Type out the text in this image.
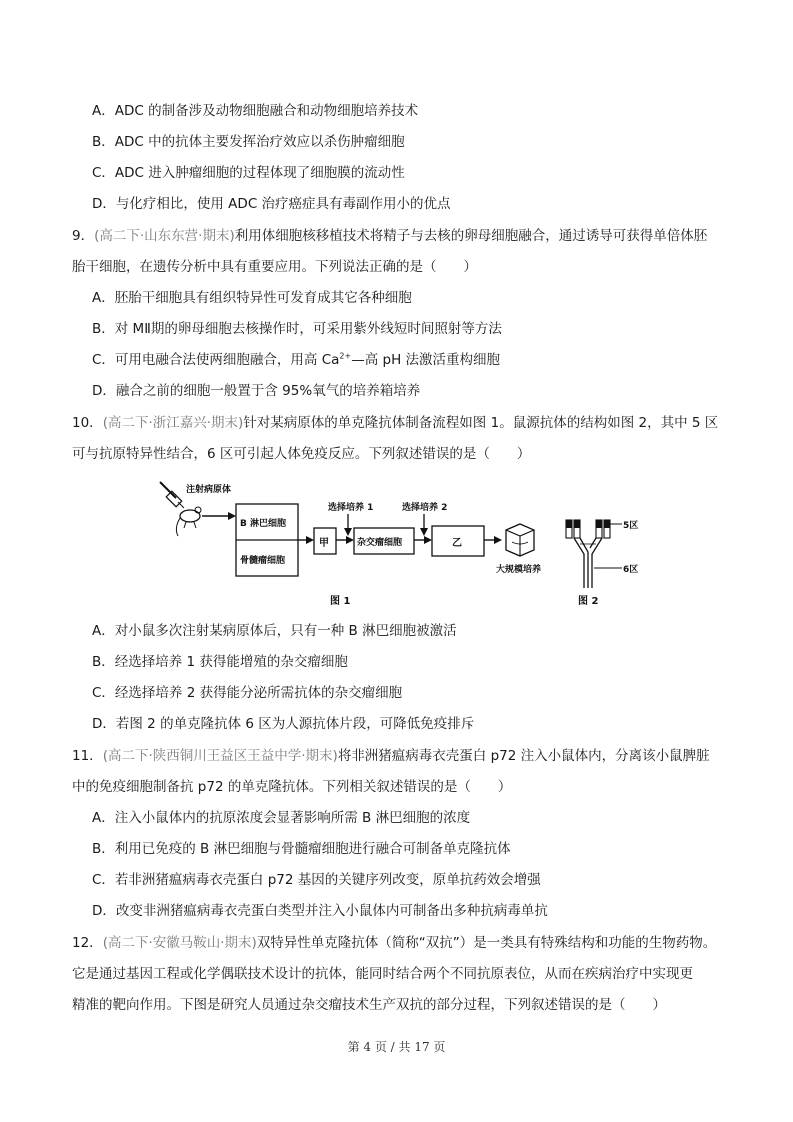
A．ADC 的制备涉及动物细胞融合和动物细胞培养技术
B．ADC 中的抗体主要发挥治疗效应以杀伤肿瘤细胞
C．ADC 进入肿瘤细胞的过程体现了细胞膜的流动性
D．与化疗相比，使用 ADC 治疗癌症具有毒副作用小的优点
9．(高二下·山东东营·期末)利用体细胞核移植技术将精子与去核的卵母细胞融合，通过诱导可获得单倍体胚
胎干细胞，在遗传分析中具有重要应用。下列说法正确的是（　　）
A．胚胎干细胞具有组织特异性可发育成其它各种细胞
B．对 MⅡ期的卵母细胞去核操作时，可采用紫外线短时间照射等方法
C．可用电融合法使两细胞融合，用高 $Ca^{2+}—$高 pH 法激活重构细胞
D．融合之前的细胞一般置于含 95%氧气的培养箱培养
10．(高二下·浙江嘉兴·期末)针对某病原体的单克隆抗体制备流程如图 1。鼠源抗体的结构如图 2，其中 5 区
可与抗原特异性结合，6 区可引起人体免疫反应。下列叙述错误的是（　　）
注射病原体
B 淋巴细胞
骨髓瘤细胞
甲
选择培养 1
杂交瘤细胞
选择培养 2
乙
大规模培养
图 1	图 2
5区
6区
A．对小鼠多次注射某病原体后，只有一种 B 淋巴细胞被激活
B．经选择培养 1 获得能增殖的杂交瘤细胞
C．经选择培养 2 获得能分泌所需抗体的杂交瘤细胞
D．若图 2 的单克隆抗体 6 区为人源抗体片段，可降低免疫排斥
11．(高二下·陕西铜川王益区王益中学·期末)将非洲猪瘟病毒衣壳蛋白 p72 注入小鼠体内，分离该小鼠脾脏
中的免疫细胞制备抗 p72 的单克隆抗体。下列相关叙述错误的是（　　）
A．注入小鼠体内的抗原浓度会显著影响所需 B 淋巴细胞的浓度
B．利用已免疫的 B 淋巴细胞与骨髓瘤细胞进行融合可制备单克隆抗体
C．若非洲猪瘟病毒衣壳蛋白 p72 基因的关键序列改变，原单抗药效会增强
D．改变非洲猪瘟病毒衣壳蛋白类型并注入小鼠体内可制备出多种抗病毒单抗
12．(高二下·安徽马鞍山·期末)双特异性单克隆抗体（简称“双抗”）是一类具有特殊结构和功能的生物药物。
它是通过基因工程或化学偶联技术设计的抗体，能同时结合两个不同抗原表位，从而在疾病治疗中实现更
精准的靶向作用。下图是研究人员通过杂交瘤技术生产双抗的部分过程，下列叙述错误的是（　　）
第 4 页 / 共 17 页
